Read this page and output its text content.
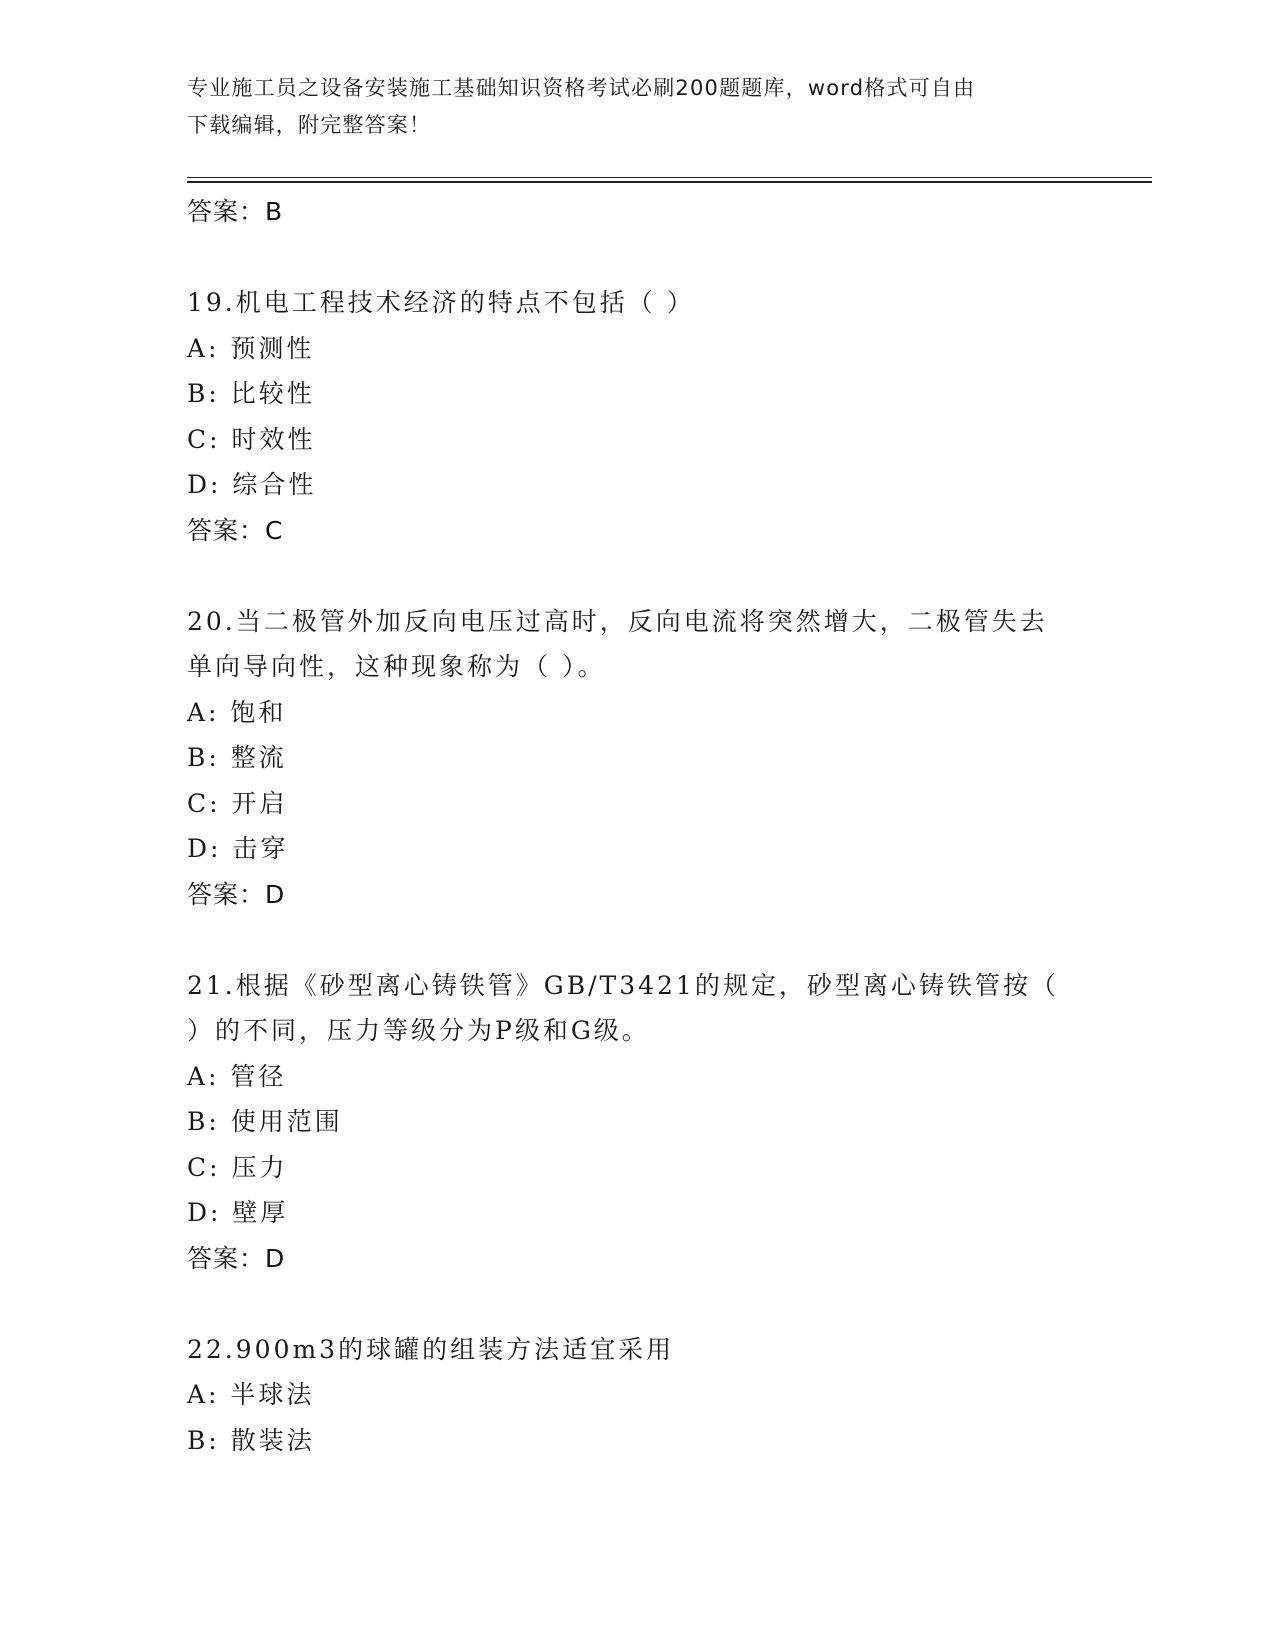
专业施工员之设备安装施工基础知识资格考试必刷200题题库，word格式可自由
下载编辑，附完整答案！
答案：B
19.机电工程技术经济的特点不包括（ ）
A: 预测性
B: 比较性
C: 时效性
D: 综合性
答案：C
20.当二极管外加反向电压过高时，反向电流将突然增大，二极管失去
单向导向性，这种现象称为（ ）。
A: 饱和
B: 整流
C: 开启
D: 击穿
答案：D
21.根据《砂型离心铸铁管》GB/T3421的规定，砂型离心铸铁管按（
）的不同，压力等级分为P级和G级。
A: 管径
B: 使用范围
C: 压力
D: 壁厚
答案：D
22.900m3的球罐的组装方法适宜采用
A: 半球法
B: 散装法
